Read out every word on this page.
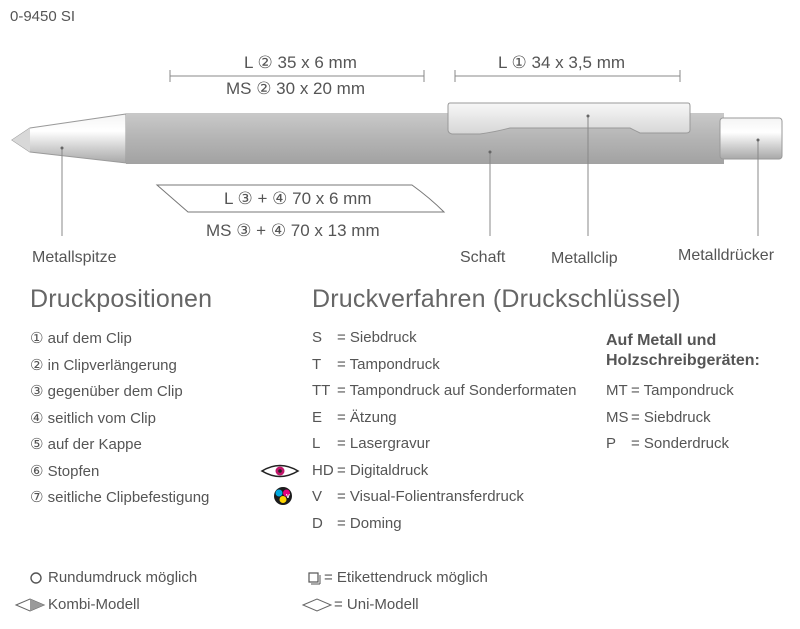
V
0-9450 SI
L ② 35 x 6 mm
MS ② 30 x 20 mm
L ① 34 x 3,5 mm
L ③ + ④ 70 x 6 mm
MS ③ + ④ 70 x 13 mm
Metallspitze	Schaft	Metallclip	Metalldrücker
Druckpositionen	Druckverfahren (Druckschlüssel)
① auf dem Clip
② in Clipverlängerung
③ gegenüber dem Clip
④ seitlich vom Clip
⑤ auf der Kappe
⑥ Stopfen
⑦ seitliche Clipbefestigung
S = Siebdruck
T = Tampondruck
TT = Tampondruck auf Sonderformaten
E = Ätzung
L = Lasergravur
HD = Digitaldruck
V = Visual-Folientransferdruck
D = Doming
Auf Metall und
Holzschreibgeräten:
MT = Tampondruck
MS = Siebdruck
P = Sonderdruck
Rundumdruck möglich
Kombi-Modell
= Etikettendruck möglich
= Uni-Modell
